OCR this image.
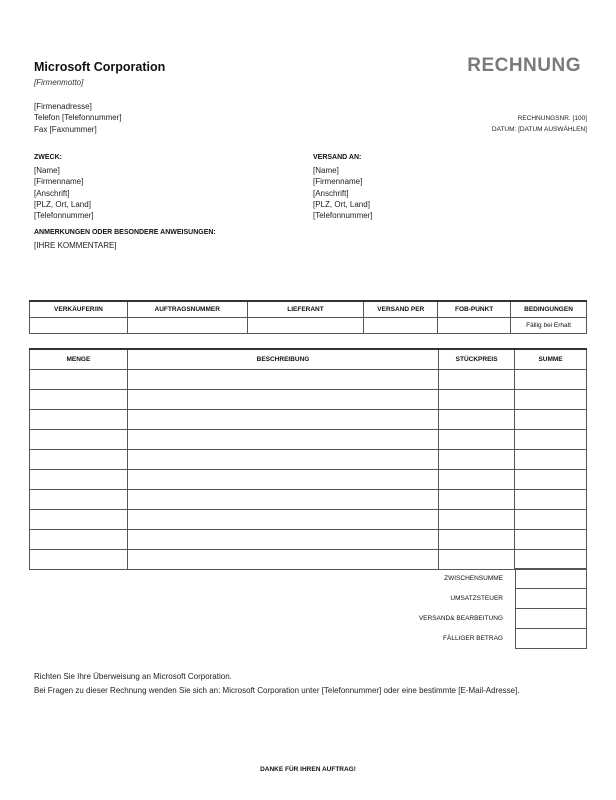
Microsoft Corporation
[Firmenmotto]
RECHNUNG
[Firmenadresse]
Telefon [Telefonnummer]
Fax [Faxnummer]
RECHNUNGSNR. [100]
DATUM: [DATUM AUSWÄHLEN]
ZWECK:
[Name]
[Firmenname]
[Anschrift]
[PLZ, Ort, Land]
[Telefonnummer]
VERSAND AN:
[Name]
[Firmenname]
[Anschrift]
[PLZ, Ort, Land]
[Telefonnummer]
ANMERKUNGEN ODER BESONDERE ANWEISUNGEN:
[IHRE KOMMENTARE]
VERKÄUFER/IN	AUFTRAGSNUMMER	LIEFERANT	VERSAND PER	FOB-PUNKT	BEDINGUNGEN
					Fällig bei Erhalt
MENGE	BESCHREIBUNG	STÜCKPREIS	SUMME

ZWISCHENSUMME	
UMSATZSTEUER	
VERSAND& BEARBEITUNG	
FÄLLIGER BETRAG	
Richten Sie Ihre Überweisung an Microsoft Corporation.
Bei Fragen zu dieser Rechnung wenden Sie sich an: Microsoft Corporation unter [Telefonnummer] oder eine bestimmte [E-Mail-Adresse].
DANKE FÜR IHREN AUFTRAG!
